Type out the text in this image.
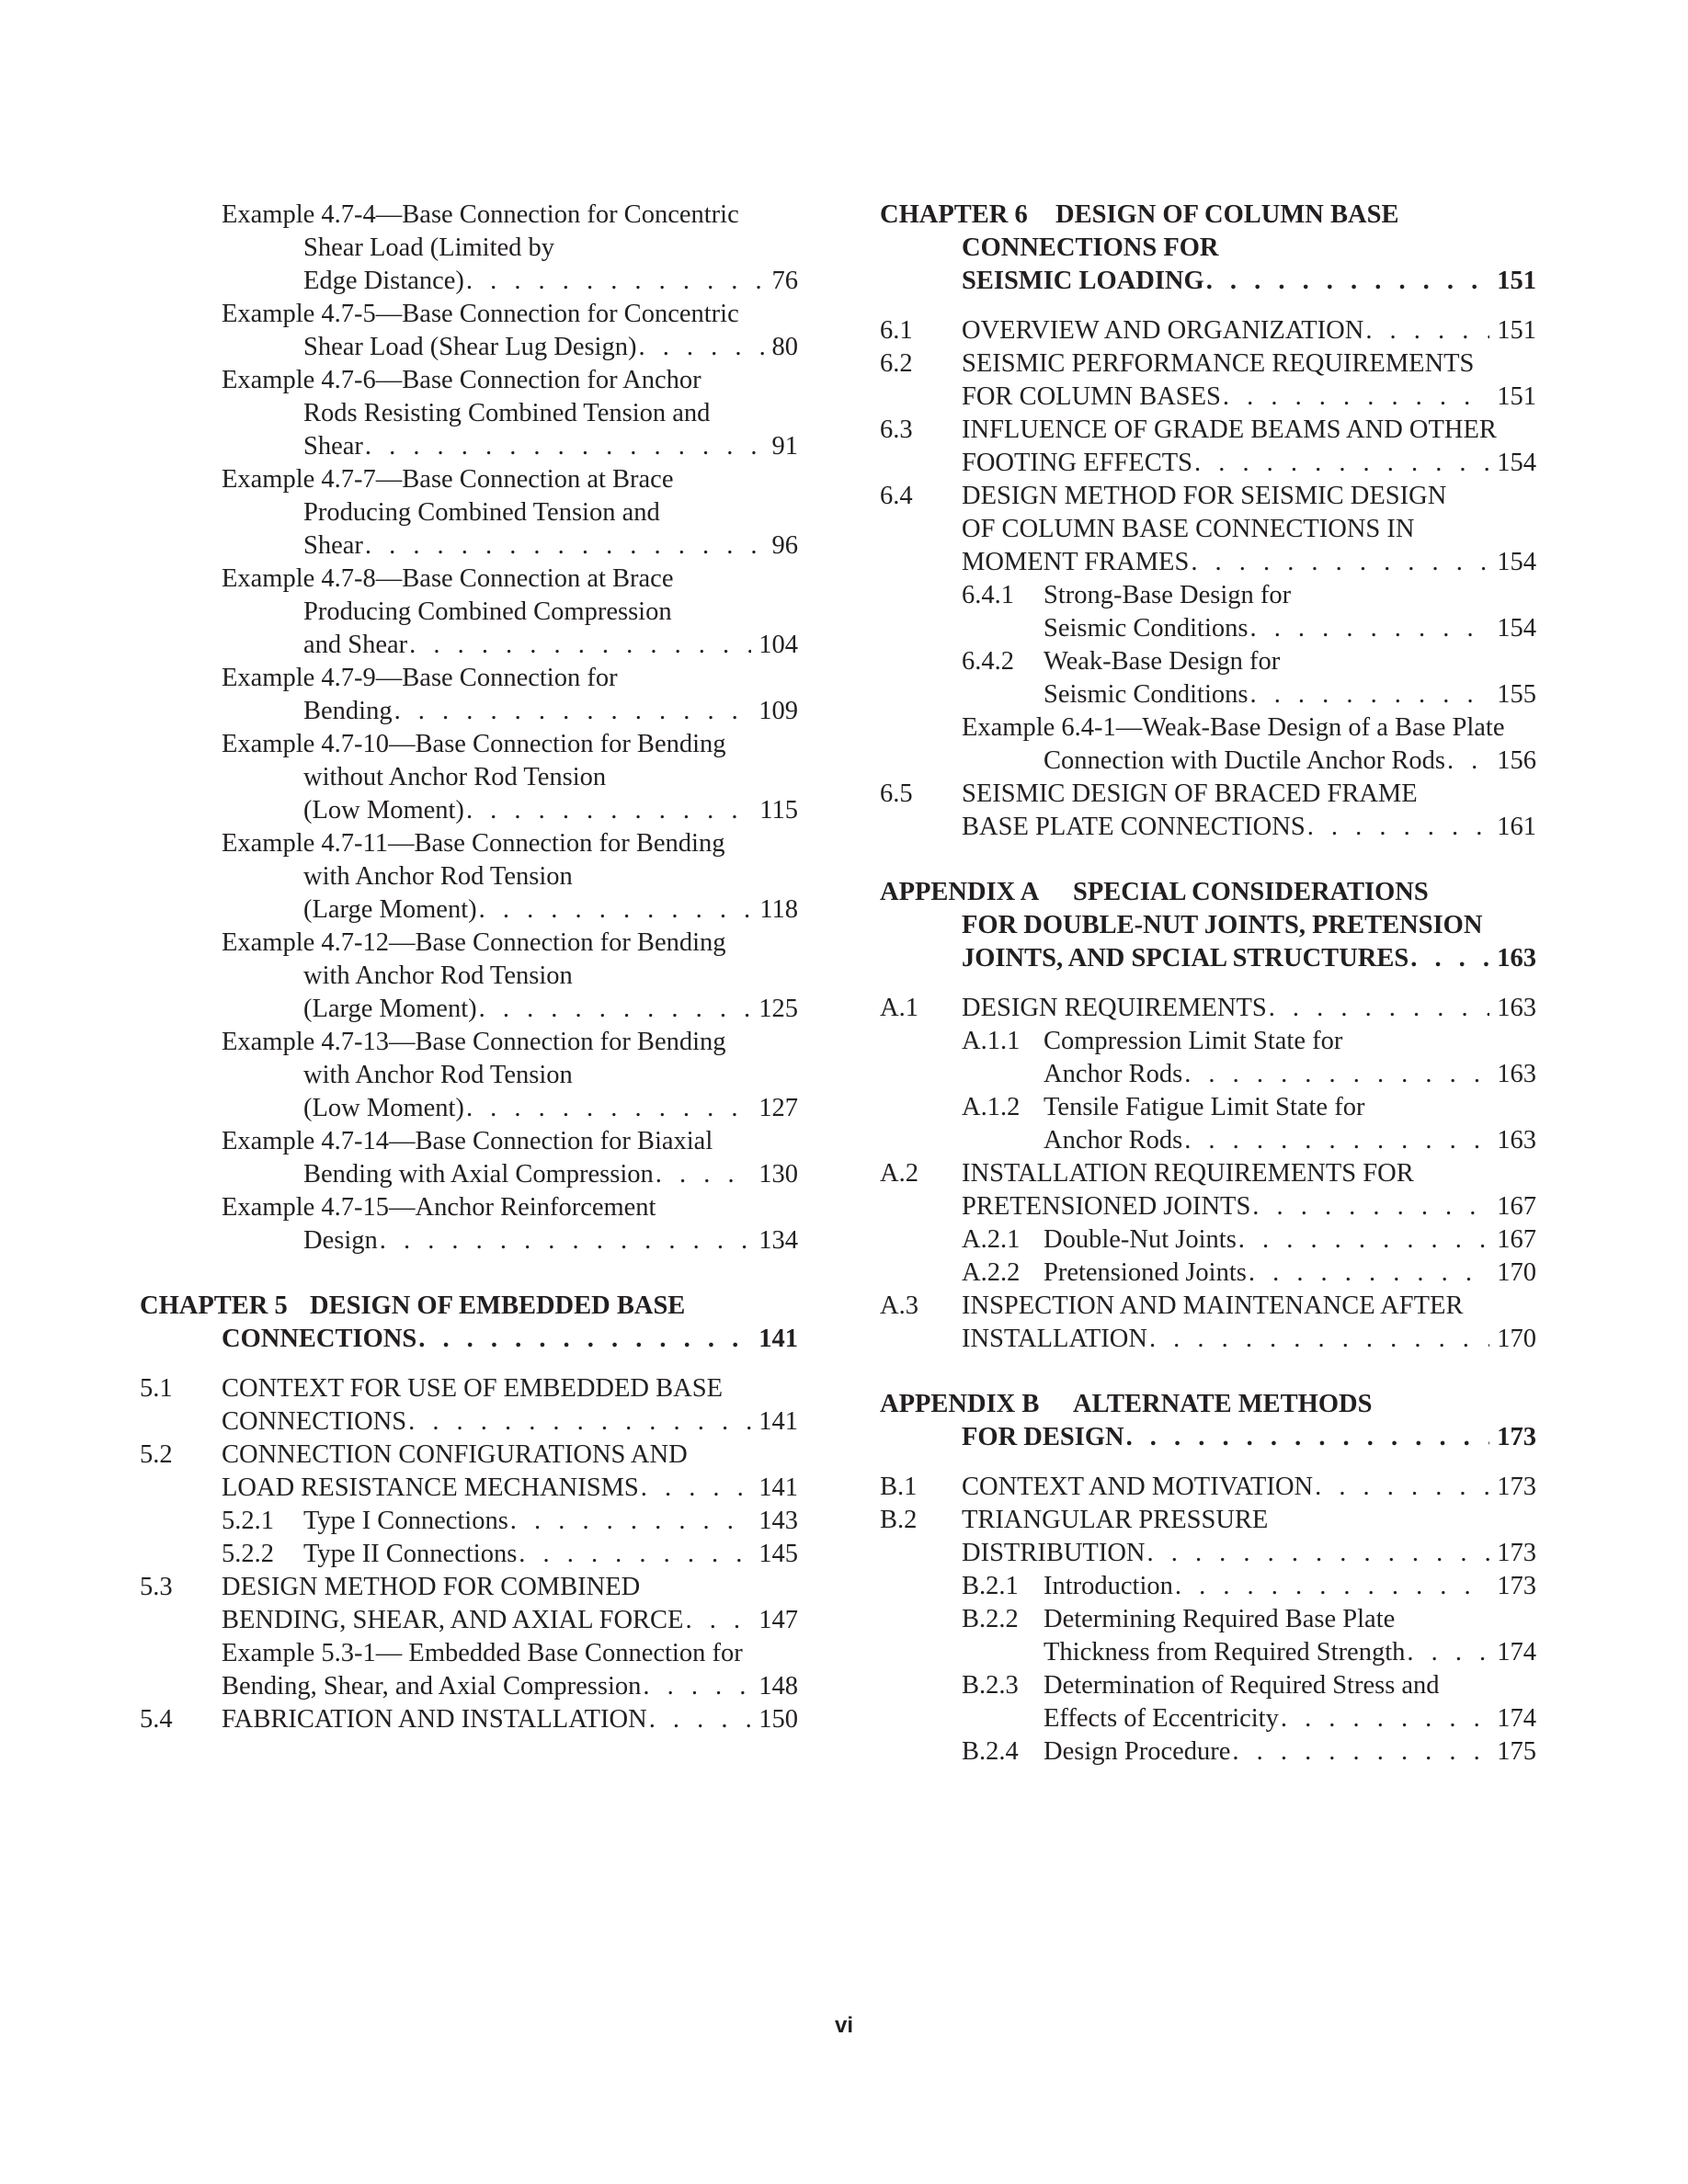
Example 4.7-4—Base Connection for Concentric
Shear Load (Limited by
Edge Distance) . . .	76
Example 4.7-5—Base Connection for Concentric
Shear Load (Shear Lug Design) . . .	80
Example 4.7-6—Base Connection for Anchor
Rods Resisting Combined Tension and
Shear . . .	91
Example 4.7-7—Base Connection at Brace
Producing Combined Tension and
Shear . . .	96
Example 4.7-8—Base Connection at Brace
Producing Combined Compression
and Shear . . .	104
Example 4.7-9—Base Connection for
Bending . . .	109
Example 4.7-10—Base Connection for Bending
without Anchor Rod Tension
(Low Moment) . . .	115
Example 4.7-11—Base Connection for Bending
with Anchor Rod Tension
(Large Moment) . . .	118
Example 4.7-12—Base Connection for Bending
with Anchor Rod Tension
(Large Moment) . . .	125
Example 4.7-13—Base Connection for Bending
with Anchor Rod Tension
(Low Moment) . . .	127
Example 4.7-14—Base Connection for Biaxial
Bending with Axial Compression . . .	130
Example 4.7-15—Anchor Reinforcement
Design . . .	134
CHAPTER 5 DESIGN OF EMBEDDED BASE
CONNECTIONS . . .	141
5.1 CONTEXT FOR USE OF EMBEDDED BASE
CONNECTIONS . . .	141
5.2 CONNECTION CONFIGURATIONS AND
LOAD RESISTANCE MECHANISMS . . .	141
5.2.1 Type I Connections . . .	143
5.2.2 Type II Connections . . .	145
5.3 DESIGN METHOD FOR COMBINED
BENDING, SHEAR, AND AXIAL FORCE . . .	147
Example 5.3-1— Embedded Base Connection for
Bending, Shear, and Axial Compression . . .	148
5.4 FABRICATION AND INSTALLATION . . .	150
CHAPTER 6 DESIGN OF COLUMN BASE
CONNECTIONS FOR
SEISMIC LOADING . . .	151
6.1 OVERVIEW AND ORGANIZATION . . .	151
6.2 SEISMIC PERFORMANCE REQUIREMENTS
FOR COLUMN BASES . . .	151
6.3 INFLUENCE OF GRADE BEAMS AND OTHER
FOOTING EFFECTS . . .	154
6.4 DESIGN METHOD FOR SEISMIC DESIGN
OF COLUMN BASE CONNECTIONS IN
MOMENT FRAMES . . .	154
6.4.1 Strong-Base Design for
Seismic Conditions . . .	154
6.4.2 Weak-Base Design for
Seismic Conditions . . .	155
Example 6.4-1—Weak-Base Design of a Base Plate
Connection with Ductile Anchor Rods . . . 156
6.5 SEISMIC DESIGN OF BRACED FRAME
BASE PLATE CONNECTIONS . . .	161
APPENDIX A SPECIAL CONSIDERATIONS
FOR DOUBLE-NUT JOINTS, PRETENSION
JOINTS, AND SPCIAL STRUCTURES . . .	163
A.1 DESIGN REQUIREMENTS . . .	163
A.1.1 Compression Limit State for
Anchor Rods . . .	163
A.1.2 Tensile Fatigue Limit State for
Anchor Rods . . .	163
A.2 INSTALLATION REQUIREMENTS FOR
PRETENSIONED JOINTS . . .	167
A.2.1 Double-Nut Joints . . .	167
A.2.2 Pretensioned Joints . . .	170
A.3 INSPECTION AND MAINTENANCE AFTER
INSTALLATION . . .	170
APPENDIX B ALTERNATE METHODS
FOR DESIGN . . .	173
B.1 CONTEXT AND MOTIVATION . . .	173
B.2 TRIANGULAR PRESSURE
DISTRIBUTION . . .	173
B.2.1 Introduction . . .	173
B.2.2 Determining Required Base Plate
Thickness from Required Strength . . .	174
B.2.3 Determination of Required Stress and
Effects of Eccentricity . . .	174
B.2.4 Design Procedure . . .	175
vi
